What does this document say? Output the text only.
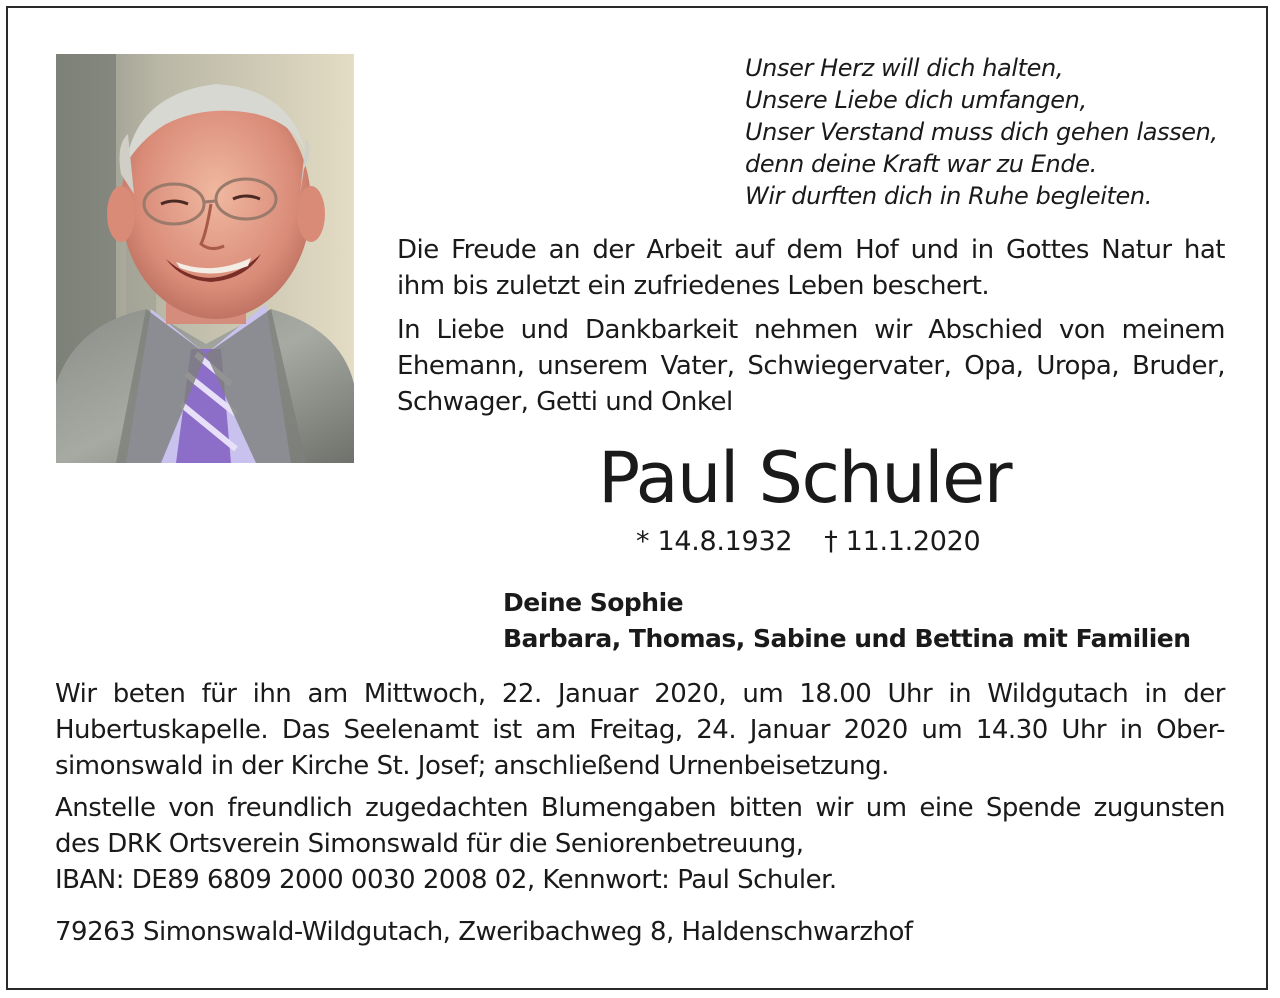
Unser Herz will dich halten,
Unsere Liebe dich umfangen,
Unser Verstand muss dich gehen lassen,
denn deine Kraft war zu Ende.
Wir durften dich in Ruhe begleiten.
Die Freude an der Arbeit auf dem Hof und in Gottes Natur hat
ihm bis zuletzt ein zufriedenes Leben beschert.
In Liebe und Dankbarkeit nehmen wir Abschied von meinem
Ehemann, unserem Vater, Schwiegervater, Opa, Uropa, Bruder,
Schwager, Getti und Onkel
Paul Schuler
* 14.8.1932 † 11.1.2020
Deine Sophie
Barbara, Thomas, Sabine und Bettina mit Familien
Wir beten für ihn am Mittwoch, 22. Januar 2020, um 18.00 Uhr in Wildgutach in der
Hubertuskapelle. Das Seelenamt ist am Freitag, 24. Januar 2020 um 14.30 Uhr in Ober-
simonswald in der Kirche St. Josef; anschließend Urnenbeisetzung.
Anstelle von freundlich zugedachten Blumengaben bitten wir um eine Spende zugunsten
des DRK Ortsverein Simonswald für die Seniorenbetreuung,
IBAN: DE89 6809 2000 0030 2008 02, Kennwort: Paul Schuler.
79263 Simonswald-Wildgutach, Zweribachweg 8, Haldenschwarzhof
